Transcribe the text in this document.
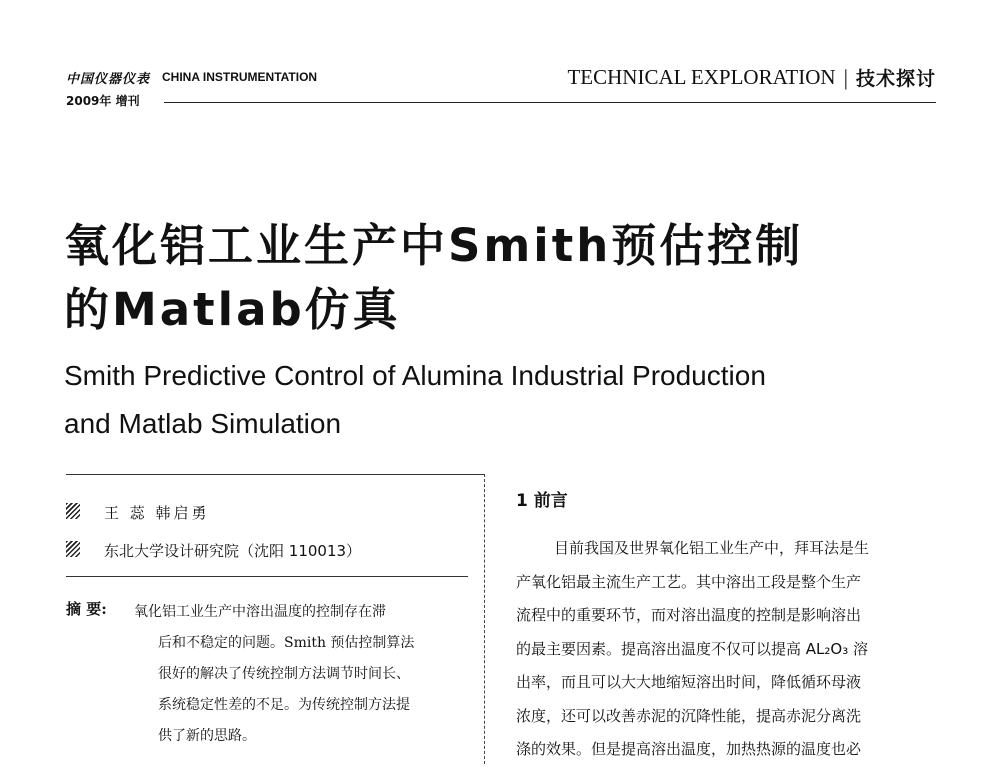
中国仪器仪表 CHINA INSTRUMENTATION
2009年 增刊
TECHNICAL EXPLORATION | 技术探讨
氧化铝工业生产中Smith预估控制
的Matlab仿真
Smith Predictive Control of Alumina Industrial Production
and Matlab Simulation
王 蕊 韩启勇
东北大学设计研究院（沈阳 110013）
摘 要: 氧化铝工业生产中溶出温度的控制存在滞
后和不稳定的问题。Smith 预估控制算法
很好的解决了传统控制方法调节时间长、
系统稳定性差的不足。为传统控制方法提
供了新的思路。
1 前言
目前我国及世界氧化铝工业生产中，拜耳法是生
产氧化铝最主流生产工艺。其中溶出工段是整个生产
流程中的重要环节，而对溶出温度的控制是影响溶出
的最主要因素。提高溶出温度不仅可以提高 AL₂O₃ 溶
出率，而且可以大大地缩短溶出时间，降低循环母液
浓度，还可以改善赤泥的沉降性能，提高赤泥分离洗
涤的效果。但是提高溶出温度，加热热源的温度也必
